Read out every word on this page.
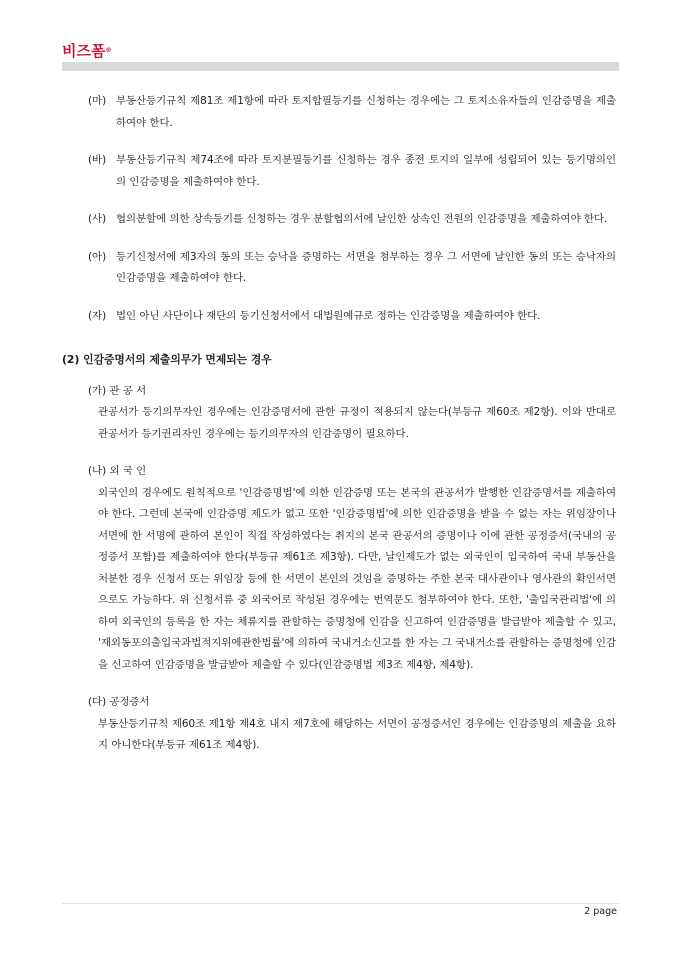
비즈폼®
(마) 부동산등기규칙 제81조 제1항에 따라 토지합필등기를 신청하는 경우에는 그 토지소유자들의 인감증명을 제출하여야 한다.
(바) 부동산등기규칙 제74조에 따라 토지분필등기를 신청하는 경우 종전 토지의 일부에 성립되어 있는 등기명의인의 인감증명을 제출하여야 한다.
(사) 협의분할에 의한 상속등기를 신청하는 경우 분할협의서에 날인한 상속인 전원의 인감증명을 제출하여야 한다.
(아) 등기신청서에 제3자의 동의 또는 승낙을 증명하는 서면을 첨부하는 경우 그 서면에 날인한 동의 또는 승낙자의 인감증명을 제출하여야 한다.
(자) 법인 아닌 사단이나 재단의 등기신청서에서 대법원예규로 정하는 인감증명을 제출하여야 한다.
(2) 인감증명서의 제출의무가 면제되는 경우
(가) 관 공 서
관공서가 등기의무자인 경우에는 인감증명서에 관한 규정이 적용되지 않는다(부등규 제60조 제2항). 이와 반대로 관공서가 등기권리자인 경우에는 등기의무자의 인감증명이 필요하다.
(나) 외 국 인
외국인의 경우에도 원칙적으로 '인감증명법'에 의한 인감증명 또는 본국의 관공서가 발행한 인감증명서를 제출하여야 한다. 그런데 본국에 인감증명 제도가 없고 또한 '인감증명법'에 의한 인감증명을 받을 수 없는 자는 위임장이나 서면에 한 서명에 관하여 본인이 직접 작성하였다는 취지의 본국 관공서의 증명이나 이에 관한 공정증서(국내의 공정증서 포함)를 제출하여야 한다(부등규 제61조 제3항). 다만, 날인제도가 없는 외국인이 입국하여 국내 부동산을 처분한 경우 신청서 또는 위임장 등에 한 서면이 본인의 것임을 증명하는 주한 본국 대사관이나 영사관의 확인서면으로도 가능하다. 위 신청서류 중 외국어로 작성된 경우에는 번역문도 첨부하여야 한다. 또한, '출입국관리법'에 의하여 외국인의 등록을 한 자는 체류지를 관할하는 증명청에 인감을 신고하여 인감증명을 발급받아 제출할 수 있고, '재외동포의출입국과법적지위에관한법률'에 의하여 국내거소신고를 한 자는 그 국내거소를 관할하는 증명청에 인감을 신고하여 인감증명을 발급받아 제출할 수 있다(인감증명법 제3조 제4항, 제4항).
(다) 공정증서
부동산등기규칙 제60조 제1항 제4호 내지 제7호에 해당하는 서면이 공정증서인 경우에는 인감증명의 제출을 요하지 아니한다(부등규 제61조 제4항).
2 page
